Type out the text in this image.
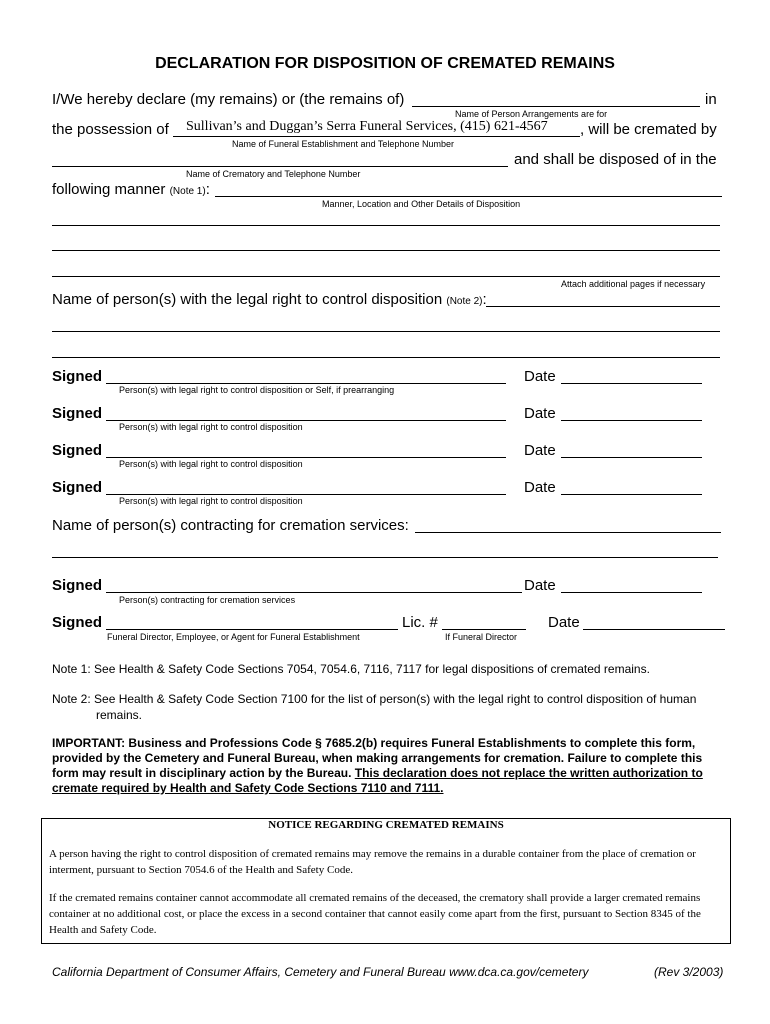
DECLARATION FOR DISPOSITION OF CREMATED REMAINS
I/We hereby declare (my remains) or (the remains of)	in
Name of Person Arrangements are for
the possession of Sullivan’s and Duggan’s Serra Funeral Services, (415) 621-4567 , will be cremated by
Name of Funeral Establishment and Telephone Number
and shall be disposed of in the
Name of Crematory and Telephone Number
following manner (Note 1):
Manner, Location and Other Details of Disposition
Attach additional pages if necessary
Name of person(s) with the legal right to control disposition (Note 2):
Signed	Date
Person(s) with legal right to control disposition or Self, if prearranging
Signed	Date
Person(s) with legal right to control disposition
Signed	Date
Person(s) with legal right to control disposition
Signed	Date
Person(s) with legal right to control disposition
Name of person(s) contracting for cremation services:
Signed	Date
Person(s) contracting for cremation services
Signed	Lic. #	Date
Funeral Director, Employee, or Agent for Funeral Establishment	If Funeral Director
Note 1: See Health & Safety Code Sections 7054, 7054.6, 7116, 7117 for legal dispositions of cremated remains.
Note 2: See Health & Safety Code Section 7100 for the list of person(s) with the legal right to control disposition of human
remains.
IMPORTANT: Business and Professions Code § 7685.2(b) requires Funeral Establishments to complete this form, provided by the Cemetery and Funeral Bureau, when making arrangements for cremation. Failure to complete this form may result in disciplinary action by the Bureau. This declaration does not replace the written authorization to cremate required by Health and Safety Code Sections 7110 and 7111.
NOTICE REGARDING CREMATED REMAINS
A person having the right to control disposition of cremated remains may remove the remains in a durable container from the place of cremation or interment, pursuant to Section 7054.6 of the Health and Safety Code.
If the cremated remains container cannot accommodate all cremated remains of the deceased, the crematory shall provide a larger cremated remains container at no additional cost, or place the excess in a second container that cannot easily come apart from the first, pursuant to Section 8345 of the Health and Safety Code.
California Department of Consumer Affairs, Cemetery and Funeral Bureau www.dca.ca.gov/cemetery	(Rev 3/2003)
